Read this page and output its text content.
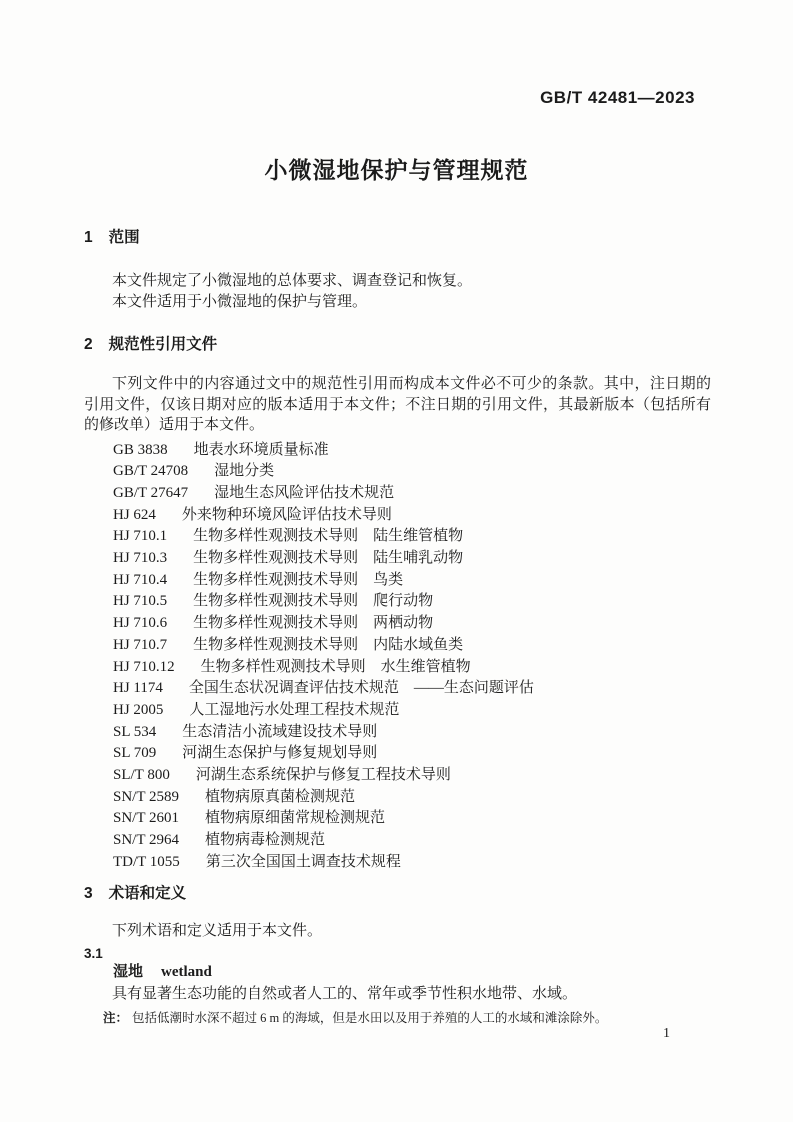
GB/T 42481—2023
小微湿地保护与管理规范
1 范围

本文件规定了小微湿地的总体要求、调查登记和恢复。

本文件适用于小微湿地的保护与管理。

2 规范性引用文件

下列文件中的内容通过文中的规范性引用而构成本文件必不可少的条款。其中，注日期的引用文件，仅该日期对应的版本适用于本文件；不注日期的引用文件，其最新版本（包括所有的修改单）适用于本文件。

GB 3838 地表水环境质量标准
GB/T 24708 湿地分类
GB/T 27647 湿地生态风险评估技术规范
HJ 624 外来物种环境风险评估技术导则
HJ 710.1 生物多样性观测技术导则　陆生维管植物
HJ 710.3 生物多样性观测技术导则　陆生哺乳动物
HJ 710.4 生物多样性观测技术导则　鸟类
HJ 710.5 生物多样性观测技术导则　爬行动物
HJ 710.6 生物多样性观测技术导则　两栖动物
HJ 710.7 生物多样性观测技术导则　内陆水域鱼类
HJ 710.12 生物多样性观测技术导则　水生维管植物
HJ 1174 全国生态状况调查评估技术规范　——生态问题评估
HJ 2005 人工湿地污水处理工程技术规范
SL 534 生态清洁小流域建设技术导则
SL 709 河湖生态保护与修复规划导则
SL/T 800 河湖生态系统保护与修复工程技术导则
SN/T 2589 植物病原真菌检测规范
SN/T 2601 植物病原细菌常规检测规范
SN/T 2964 植物病毒检测规范
TD/T 1055 第三次全国国土调查技术规程
3 术语和定义

下列术语和定义适用于本文件。

3.1
湿地 wetland

具有显著生态功能的自然或者人工的、常年或季节性积水地带、水域。

注： 包括低潮时水深不超过 6 m 的海域，但是水田以及用于养殖的人工的水域和滩涂除外。
1
